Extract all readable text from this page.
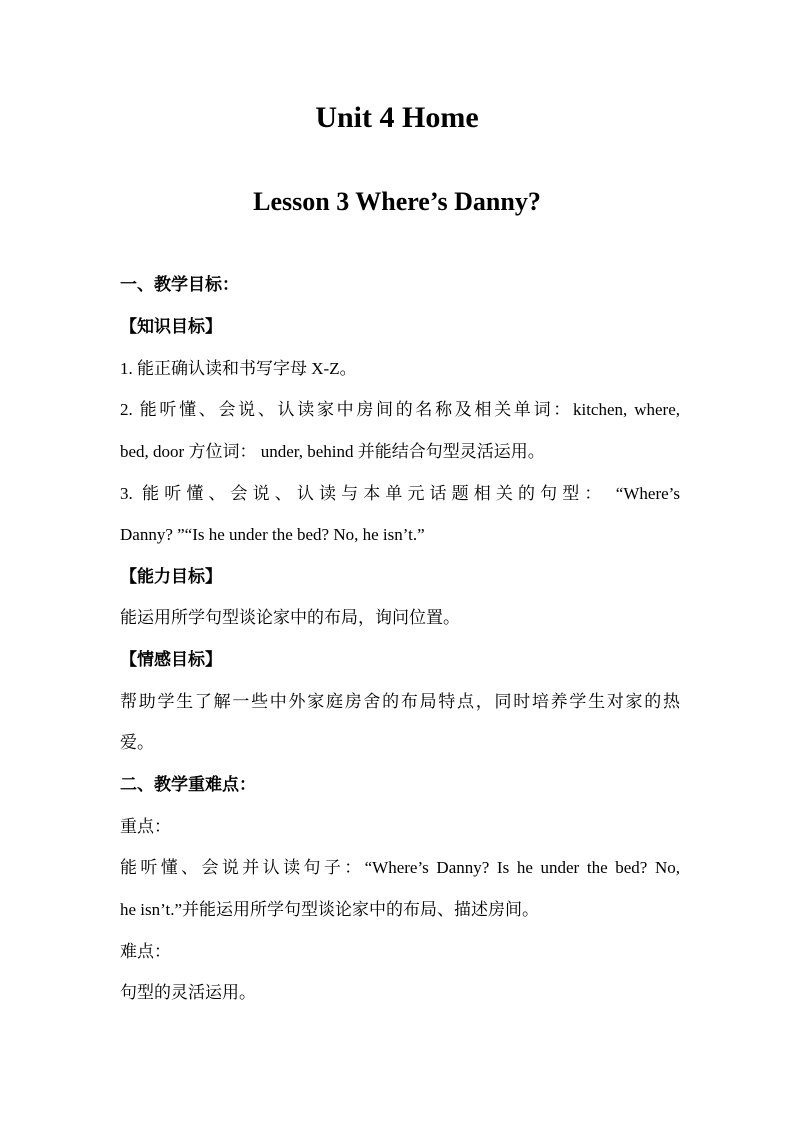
Unit 4 Home
Lesson 3 Where’s Danny?

一、教学目标：

【知识目标】

1. 能正确认读和书写字母 X-Z。

2. 能听懂、会说、认读家中房间的名称及相关单词：kitchen, where,

bed, door 方位词： under, behind 并能结合句型灵活运用。

3. 能听懂、会说、认读与本单元话题相关的句型： “Where’s

Danny? ”“Is he under the bed? No, he isn’t.”

【能力目标】

能运用所学句型谈论家中的布局，询问位置。

【情感目标】

帮助学生了解一些中外家庭房舍的布局特点，同时培养学生对家的热

爱。

二、教学重难点：

重点：

能听懂、会说并认读句子：“Where’s Danny? Is he under the bed? No,

he isn’t.”并能运用所学句型谈论家中的布局、描述房间。

难点：

句型的灵活运用。
